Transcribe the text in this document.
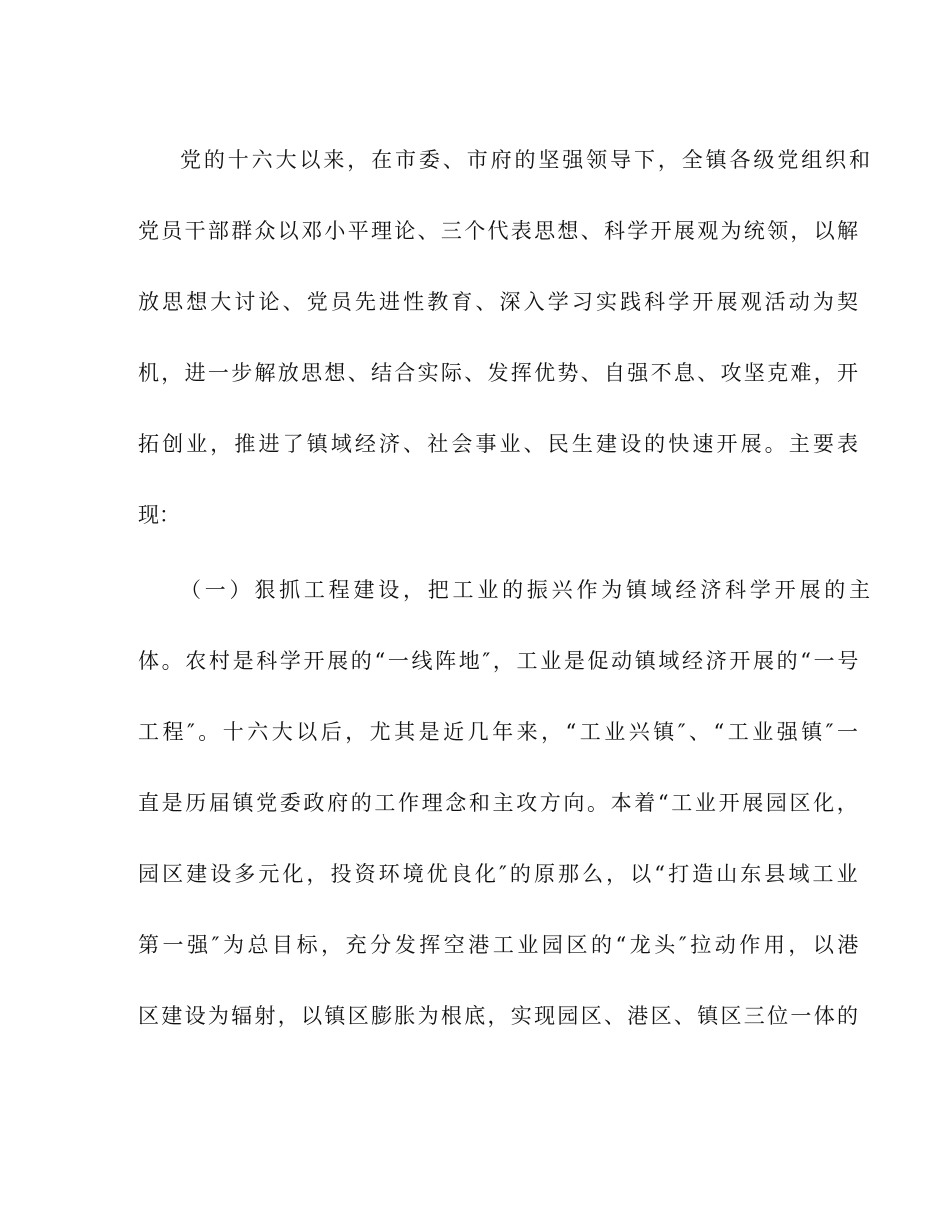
党的十六大以来，在市委、市府的坚强领导下，全镇各级党组织和
党员干部群众以邓小平理论、三个代表思想、科学开展观为统领，以解
放思想大讨论、党员先进性教育、深入学习实践科学开展观活动为契
机，进一步解放思想、结合实际、发挥优势、自强不息、攻坚克难，开
拓创业，推进了镇域经济、社会事业、民生建设的快速开展。主要表
现：
（一）狠抓工程建设，把工业的振兴作为镇域经济科学开展的主
体。农村是科学开展的“一线阵地″，工业是促动镇域经济开展的“一号
工程″。十六大以后，尤其是近几年来，“工业兴镇″、“工业强镇″一
直是历届镇党委政府的工作理念和主攻方向。本着“工业开展园区化，
园区建设多元化，投资环境优良化″的原那么，以“打造山东县域工业
第一强″为总目标，充分发挥空港工业园区的“龙头″拉动作用，以港
区建设为辐射，以镇区膨胀为根底，实现园区、港区、镇区三位一体的
